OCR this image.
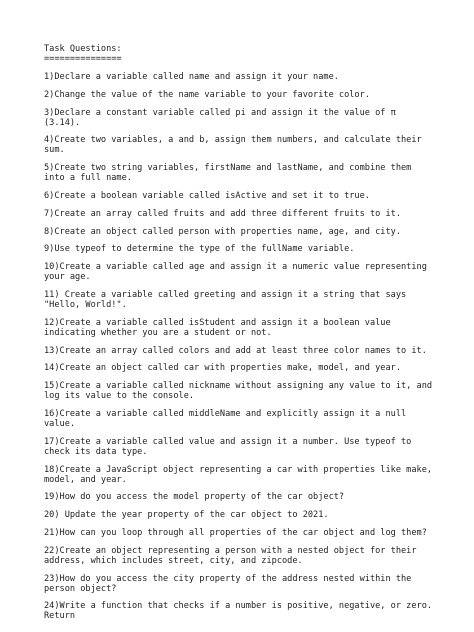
Task Questions:
===============

1)Declare a variable called name and assign it your name.

2)Change the value of the name variable to your favorite color.

3)Declare a constant variable called pi and assign it the value of π (3.14).

4)Create two variables, a and b, assign them numbers, and calculate their sum.

5)Create two string variables, firstName and lastName, and combine them into a full name.

6)Create a boolean variable called isActive and set it to true.

7)Create an array called fruits and add three different fruits to it.

8)Create an object called person with properties name, age, and city.

9)Use typeof to determine the type of the fullName variable.

10)Create a variable called age and assign it a numeric value representing your age.

11) Create a variable called greeting and assign it a string that says "Hello, World!".

12)Create a variable called isStudent and assign it a boolean value indicating whether you are a student or not.

13)Create an array called colors and add at least three color names to it.

14)Create an object called car with properties make, model, and year.

15)Create a variable called nickname without assigning any value to it, and log its value to the console.

16)Create a variable called middleName and explicitly assign it a null value.

17)Create a variable called value and assign it a number. Use typeof to check its data type.

18)Create a JavaScript object representing a car with properties like make, model, and year.

19)How do you access the model property of the car object?

20) Update the year property of the car object to 2021.

21)How can you loop through all properties of the car object and log them?

22)Create an object representing a person with a nested object for their address, which includes street, city, and zipcode.

23)How do you access the city property of the address nested within the person object?

24)Write a function that checks if a number is positive, negative, or zero. Return
